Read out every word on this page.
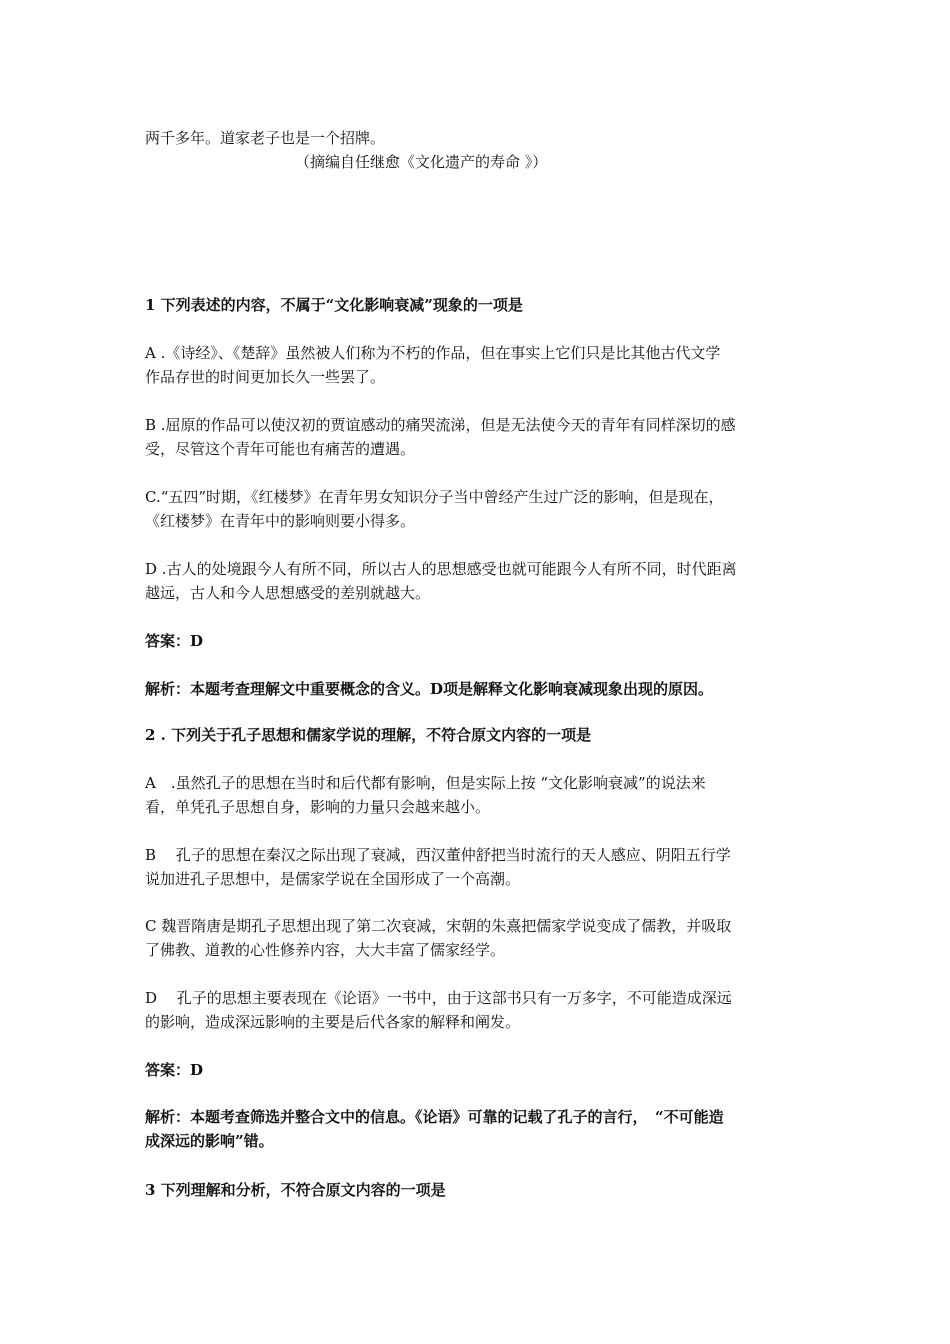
两千多年。道家老子也是一个招牌。
（摘编自任继愈《文化遗产的寿命 》）
1 下列表述的内容，不属于“文化影响衰减”现象的一项是
A .《诗经》、《楚辞》虽然被人们称为不朽的作品，但在事实上它们只是比其他古代文学
作品存世的时间更加长久一些罢了。
B .屈原的作品可以使汉初的贾谊感动的痛哭流涕，但是无法使今天的青年有同样深切的感
受，尽管这个青年可能也有痛苦的遭遇。
C.“五四”时期，《红楼梦》在青年男女知识分子当中曾经产生过广泛的影响，但是现在，
《红楼梦》在青年中的影响则要小得多。
D .古人的处境跟今人有所不同，所以古人的思想感受也就可能跟今人有所不同，时代距离
越远，古人和今人思想感受的差别就越大。
答案：D
解析：本题考查理解文中重要概念的含义。D项是解释文化影响衰减现象出现的原因。
2 . 下列关于孔子思想和儒家学说的理解，不符合原文内容的一项是
A　.虽然孔子的思想在当时和后代都有影响，但是实际上按 “文化影响衰减”的说法来
看，单凭孔子思想自身，影响的力量只会越来越小。
B　 孔子的思想在秦汉之际出现了衰减，西汉董仲舒把当时流行的天人感应、阴阳五行学
说加进孔子思想中，是儒家学说在全国形成了一个高潮。
C 魏晋隋唐是期孔子思想出现了第二次衰减，宋朝的朱熹把儒家学说变成了儒教，并吸取
了佛教、道教的心性修养内容，大大丰富了儒家经学。
D　 孔子的思想主要表现在《论语》一书中，由于这部书只有一万多字，不可能造成深远
的影响，造成深远影响的主要是后代各家的解释和阐发。
答案：D
解析：本题考查筛选并整合文中的信息。《论语》可靠的记载了孔子的言行，　“不可能造
成深远的影响”错。
3 下列理解和分析，不符合原文内容的一项是
